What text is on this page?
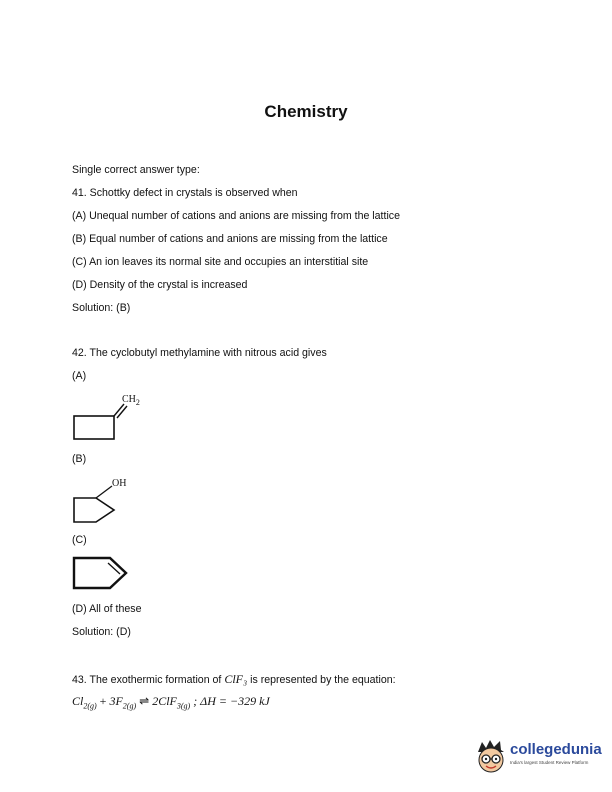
Chemistry
Single correct answer type:
41. Schottky defect in crystals is observed when
(A) Unequal number of cations and anions are missing from the lattice
(B) Equal number of cations and anions are missing from the lattice
(C) An ion leaves its normal site and occupies an interstitial site
(D) Density of the crystal is increased
Solution: (B)
42. The cyclobutyl methylamine with nitrous acid gives
(A)
$CH_2$
(B)
OH
(C)
(D) All of these
Solution: (D)
43. The exothermic formation of ClF₃ is represented by the equation:
$Cl_{2(g)} + 3F_{2(g)}$ ⇌ 2ClF$_{3(g)}$ ; ΔH = −329 kJ
collegedunia
India's largest Student Review Platform
